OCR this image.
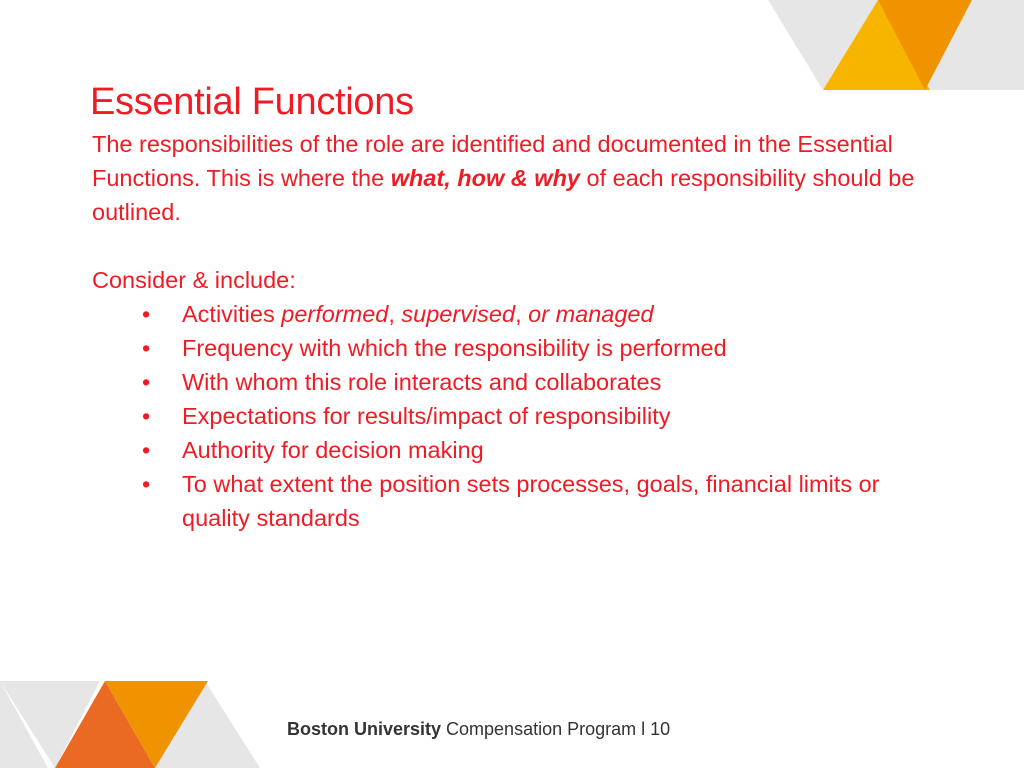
Essential Functions

The responsibilities of the role are identified and documented in the Essential Functions. This is where the what, how & why of each responsibility should be outlined.

Consider & include:

• Activities performed, supervised, or managed
• Frequency with which the responsibility is performed
• With whom this role interacts and collaborates
• Expectations for results/impact of responsibility
• Authority for decision making
• To what extent the position sets processes, goals, financial limits or quality standards
Boston University Compensation Program l 10
